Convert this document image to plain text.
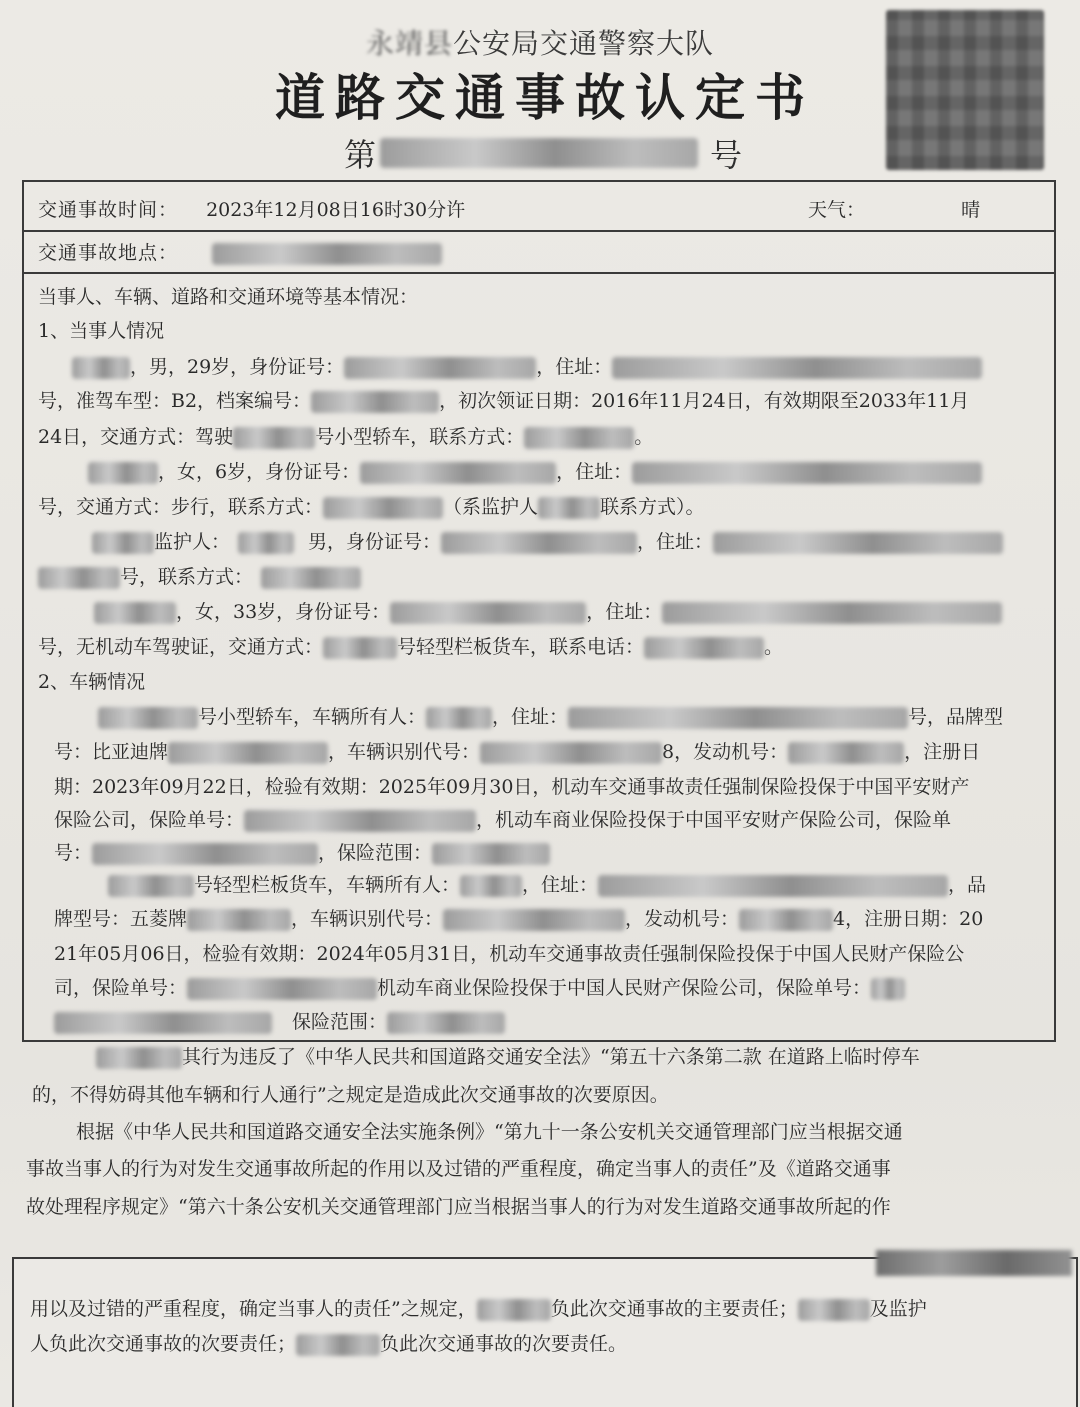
永靖县公安局交通警察大队
道路交通事故认定书
第	号
交通事故时间： 2023年12月08日16时30分许	天气：	晴
交通事故地点：
当事人、车辆、道路和交通环境等基本情况：
1、当事人情况
，男，29岁，身份证号：	，住址：
号，准驾车型：B2，档案编号：	，初次领证日期：2016年11月24日，有效期限至2033年11月
24日，交通方式：驾驶	号小型轿车，联系方式：	。
，女，6岁，身份证号：	，住址：
号，交通方式：步行，联系方式：	（系监护人	联系方式）。
监护人：	男，身份证号：	，住址：
号，联系方式：
，女，33岁，身份证号：	，住址：
号，无机动车驾驶证，交通方式：	号轻型栏板货车，联系电话：	。
2、车辆情况
号小型轿车，车辆所有人：	，住址：	号，品牌型
号：比亚迪牌	，车辆识别代号：	8，发动机号：	，注册日
期：2023年09月22日，检验有效期：2025年09月30日，机动车交通事故责任强制保险投保于中国平安财产
保险公司，保险单号：	，机动车商业保险投保于中国平安财产保险公司，保险单
号：	，保险范围：
号轻型栏板货车，车辆所有人：	，住址：	，品
牌型号：五菱牌	，车辆识别代号：	，发动机号：	4，注册日期：20
21年05月06日，检验有效期：2024年05月31日，机动车交通事故责任强制保险投保于中国人民财产保险公
司，保险单号：	机动车商业保险投保于中国人民财产保险公司，保险单号：
保险范围：
其行为违反了《中华人民共和国道路交通安全法》“第五十六条第二款 在道路上临时停车
的，不得妨碍其他车辆和行人通行”之规定是造成此次交通事故的次要原因。
根据《中华人民共和国道路交通安全法实施条例》“第九十一条公安机关交通管理部门应当根据交通
事故当事人的行为对发生交通事故所起的作用以及过错的严重程度，确定当事人的责任”及《道路交通事
故处理程序规定》“第六十条公安机关交通管理部门应当根据当事人的行为对发生道路交通事故所起的作
用以及过错的严重程度，确定当事人的责任”之规定，	负此次交通事故的主要责任；	及监护
人负此次交通事故的次要责任；	负此次交通事故的次要责任。
